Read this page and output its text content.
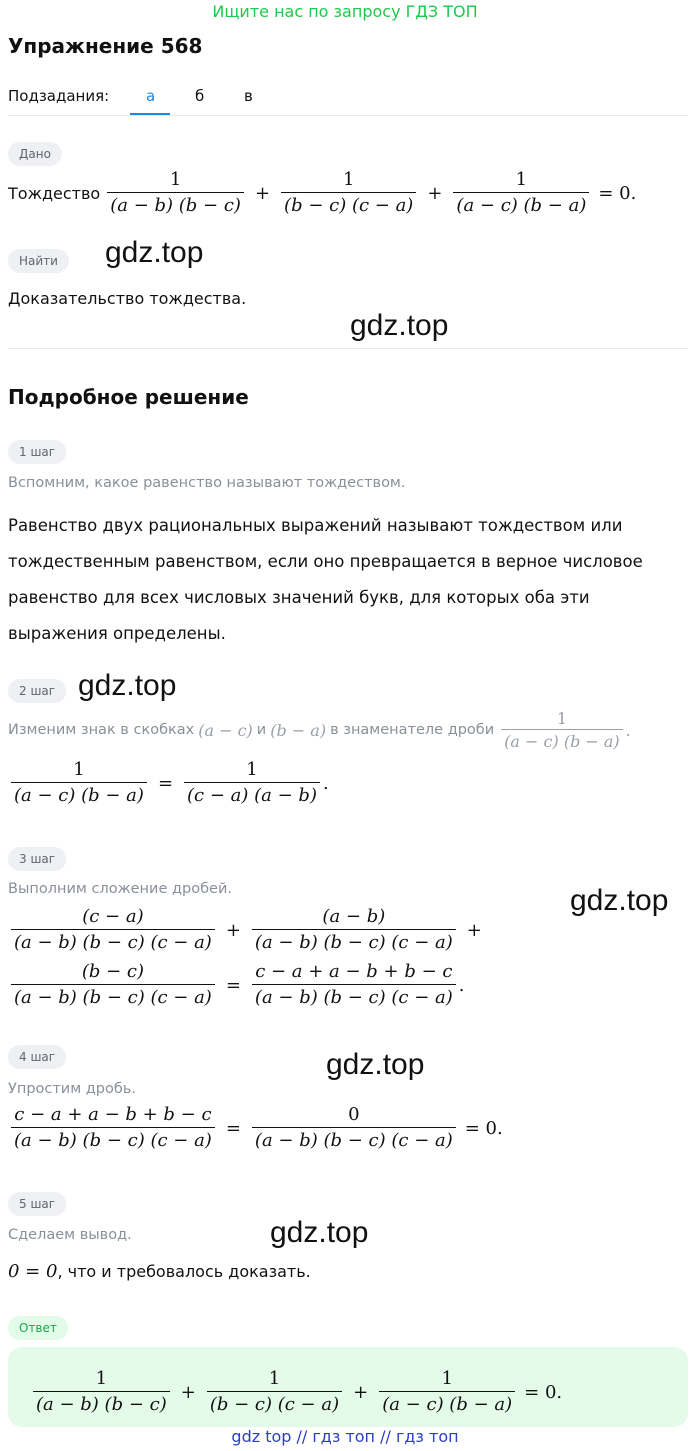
Ищите нас по запросу ГДЗ ТОП
Упражнение 568
Подзадания: а	б	в
Дано
Тождество $\frac{1}{(a - b) (b - c)} + \frac{1}{(b - c) (c - a)} + \frac{1}{(a - c) (b - a)} = 0$.
Найти	gdz.top
Доказательство тождества.
gdz.top
Подробное решение
1 шаг
Вспомним, какое равенство называют тождеством.
Равенство двух рациональных выражений называют тождеством или тождественным равенством, если оно превращается в верное числовое равенство для всех числовых значений букв, для которых оба эти выражения определены.
2 шаг gdz.top
Изменим знак в скобках (a − c) и (b − a) в знаменателе дроби $\frac{1}{(a - c) (b - a)}$ .
$\frac{1}{(a - c) (b - a)} = \frac{1}{(c - a) (a - b)}$ .
3 шаг
Выполним сложение дробей.	gdz.top
$\frac{(c - a)}{(a - b) (b - c) (c - a)} + \frac{(a - b)}{(a - b) (b - c) (c - a)}$ +
$\frac{(b - c)}{(a - b) (b - c) (c - a)} = \frac{c - a + a - b + b - c}{(a - b) (b - c) (c - a)}$ .
4 шаг	gdz.top
Упростим дробь.
$\frac{c - a + a - b + b - c}{(a - b) (b - c) (c - a)} = \frac{0}{(a - b) (b - c) (c - a)} = 0$.
5 шаг
gdz.top
Сделаем вывод.
0 = 0 , что и требовалось доказать.
Ответ
$\frac{1}{(a - b) (b - c)} + \frac{1}{(b - c) (c - a)} + \frac{1}{(a - c) (b - a)} = 0$.
gdz top // гдз топ // гдз топ
